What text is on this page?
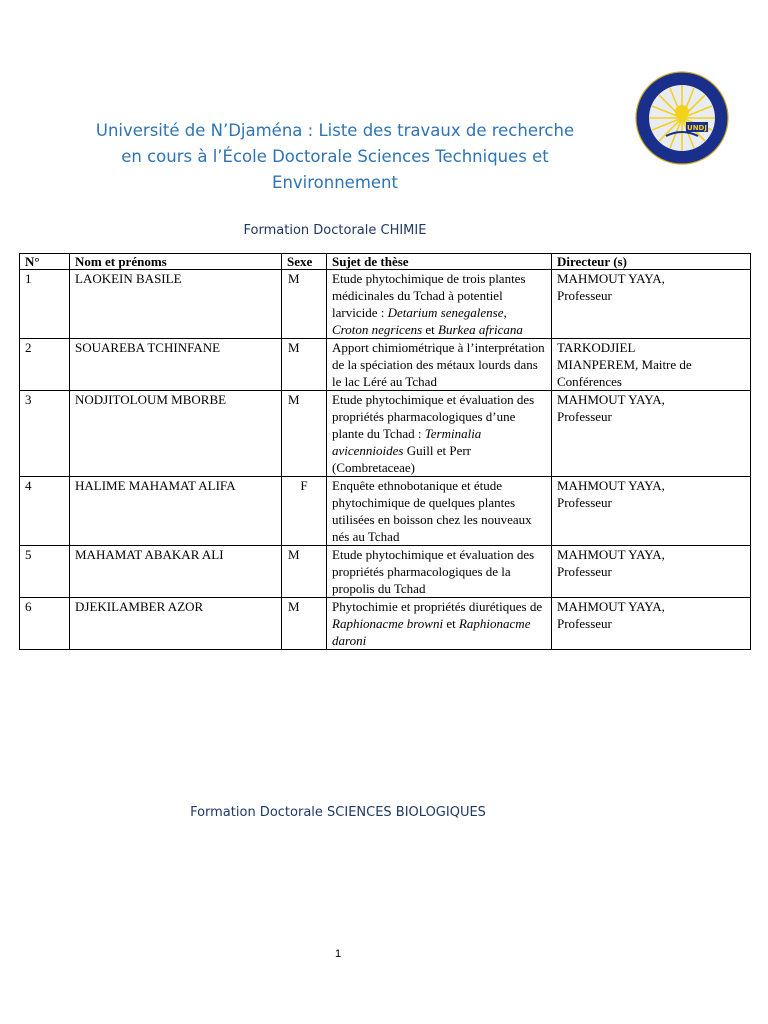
Université de N’Djaména : Liste des travaux de recherche
en cours à l’École Doctorale Sciences Techniques et
Environnement
UNDJ
Formation Doctorale CHIMIE
N°	Nom et prénoms	Sexe	Sujet de thèse	Directeur (s)
1	LAOKEIN BASILE	M	Etude phytochimique de trois plantes médicinales du Tchad à potentiel larvicide : Detarium senegalense, Croton negricens et Burkea africana	MAHMOUT YAYA,
Professeur
2	SOUAREBA TCHINFANE	M	Apport chimiométrique à l’interprétation de la spéciation des métaux lourds dans le lac Léré au Tchad	TARKODJIEL
MIANPEREM, Maitre de Conférences
3	NODJITOLOUM MBORBE	M	Etude phytochimique et évaluation des propriétés pharmacologiques d’une plante du Tchad : Terminalia avicennioides Guill et Perr (Combretaceae)	MAHMOUT YAYA,
Professeur
4	HALIME MAHAMAT ALIFA	F	Enquête ethnobotanique et étude phytochimique de quelques plantes utilisées en boisson chez les nouveaux nés au Tchad	MAHMOUT YAYA,
Professeur
5	MAHAMAT ABAKAR ALI	M	Etude phytochimique et évaluation des propriétés pharmacologiques de la propolis du Tchad	MAHMOUT YAYA,
Professeur
6	DJEKILAMBER AZOR	M	Phytochimie et propriétés diurétiques de Raphionacme browni et Raphionacme daroni	MAHMOUT YAYA,
Professeur
Formation Doctorale SCIENCES BIOLOGIQUES
1
